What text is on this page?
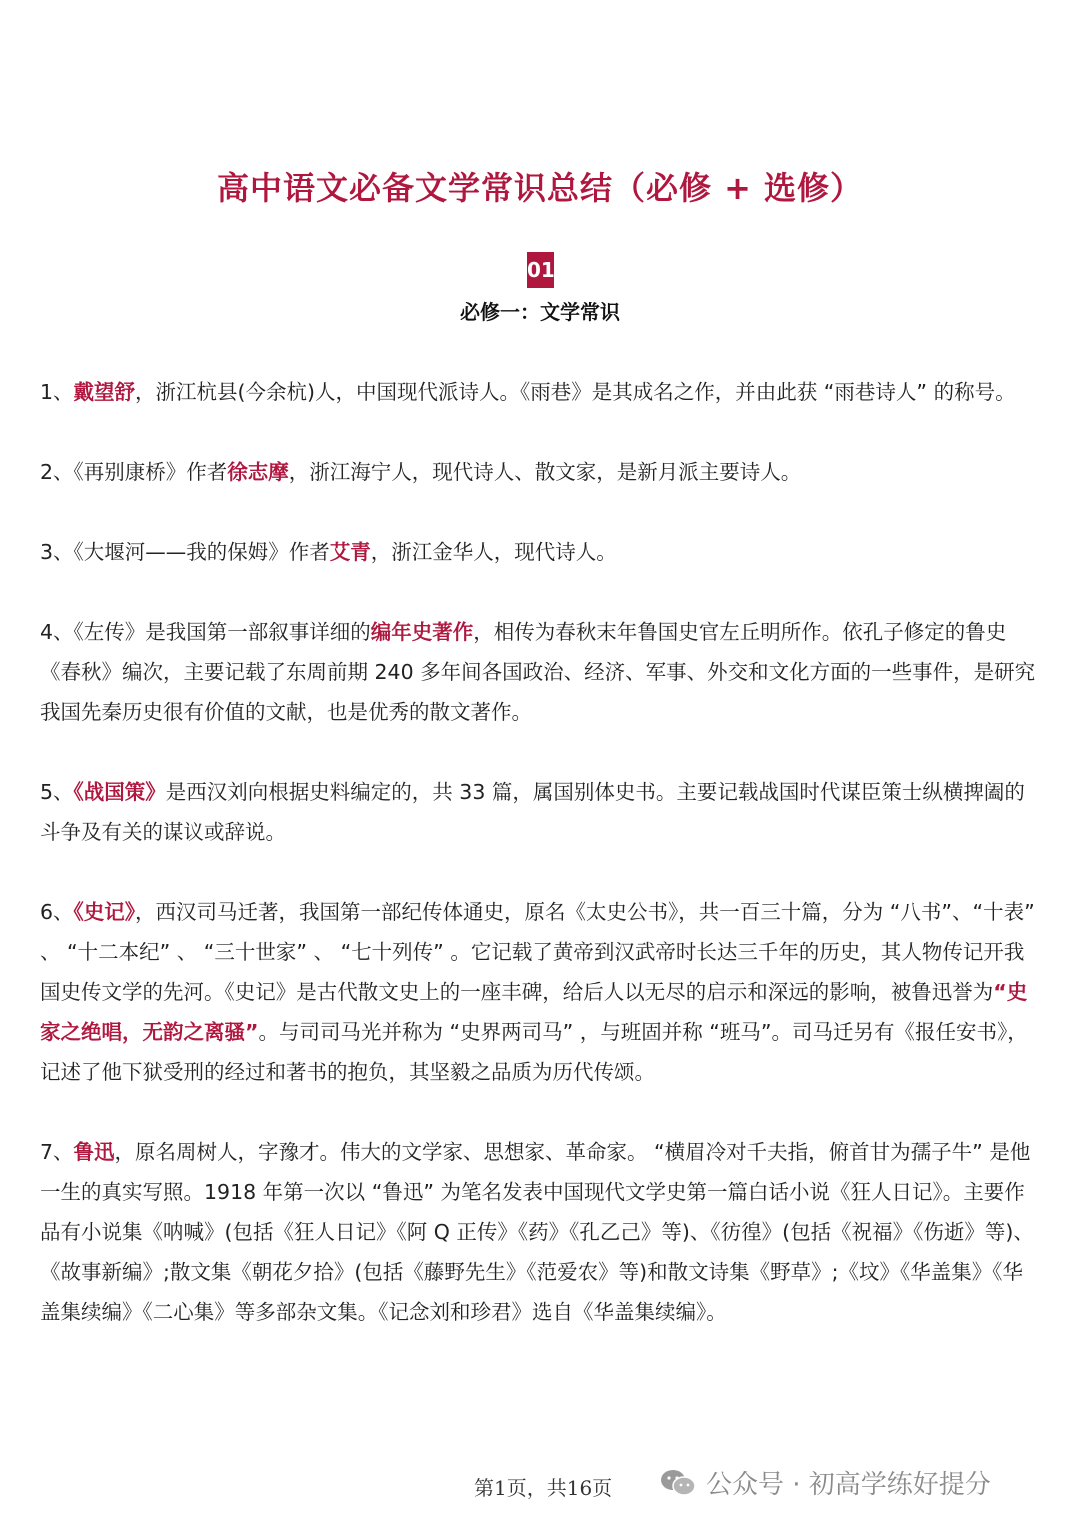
高中语文必备文学常识总结（必修 + 选修）
01
必修一：文学常识

1、戴望舒，浙江杭县(今余杭)人，中国现代派诗人。《雨巷》是其成名之作，并由此获 “雨巷诗人” 的称号。

2、《再别康桥》作者徐志摩，浙江海宁人，现代诗人、散文家，是新月派主要诗人。

3、《大堰河——我的保姆》作者艾青，浙江金华人，现代诗人。

4、《左传》是我国第一部叙事详细的编年史著作，相传为春秋末年鲁国史官左丘明所作。依孔子修定的鲁史《春秋》编次，主要记载了东周前期 240 多年间各国政治、经济、军事、外交和文化方面的一些事件，是研究我国先秦历史很有价值的文献，也是优秀的散文著作。

5、《战国策》是西汉刘向根据史料编定的，共 33 篇，属国别体史书。主要记载战国时代谋臣策士纵横捭阖的斗争及有关的谋议或辞说。

6、《史记》，西汉司马迁著，我国第一部纪传体通史，原名《太史公书》，共一百三十篇，分为 “八书”、“十表” 、 “十二本纪” 、 “三十世家” 、 “七十列传” 。它记载了黄帝到汉武帝时长达三千年的历史，其人物传记开我国史传文学的先河。《史记》是古代散文史上的一座丰碑，给后人以无尽的启示和深远的影响，被鲁迅誉为“史家之绝唱，无韵之离骚”。与司司马光并称为 “史界两司马” ，与班固并称 “班马”。司马迁另有《报任安书》，记述了他下狱受刑的经过和著书的抱负，其坚毅之品质为历代传颂。

7、鲁迅，原名周树人，字豫才。伟大的文学家、思想家、革命家。 “横眉冷对千夫指，俯首甘为孺子牛” 是他一生的真实写照。1918 年第一次以 “鲁迅” 为笔名发表中国现代文学史第一篇白话小说《狂人日记》。主要作品有小说集《呐喊》(包括《狂人日记》《阿 Q 正传》《药》《孔乙己》等)、《彷徨》(包括《祝福》《伤逝》等)、《故事新编》;散文集《朝花夕拾》(包括《藤野先生》《范爱农》等)和散文诗集《野草》;《坟》《华盖集》《华盖集续编》《二心集》等多部杂文集。《记念刘和珍君》选自《华盖集续编》。

第1页，共16页	公众号 · 初高学练好提分
